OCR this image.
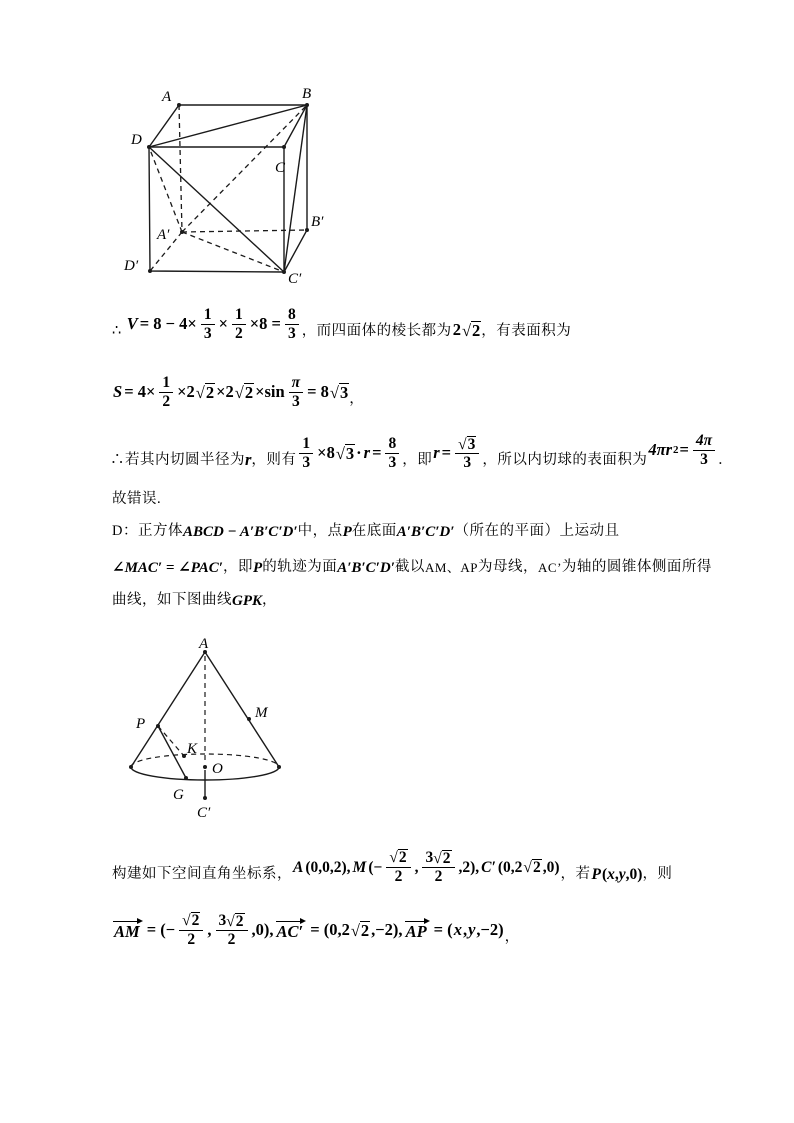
A	B
C
D
A′
B′
C′
D′
∴ $V = 8 - 4\times \frac{1}{3} \times \frac{1}{2} \times 8 = \frac{8}{3}$ ，而四面体的棱长都为 2 √ 2 ，有表面积为
$S = 4\times \frac{1}{2} \times 2$ √ 2 ×2 √ $2 \times\sin \frac{\pi}{3} = 8$ √ 3 ，
∴若其内切圆半径为 r ，则有 $\frac{1}{3} \times 8$ √ $3 \cdot r = \frac{8}{3}$ ，即 $r = \frac{√ 3}{3}$ ，所以内切球的表面积为
4πr $2 = \frac{4\pi}{3}$ ．
故错误.
D：正方体 ABCD − A′B′C′D′ 中，点 P 在底面 A′B′C′D′ （所在的平面）上运动且
∠MAC′ = ∠PAC′ ，即 P 的轨迹为面 A′B′C′D′ 截以 AM、AP 为母线， AC’ 为轴的圆锥体侧面所得
曲线，如下图曲线 GPK ，
A
M
P
K
O
G
C′
构建如下空间直角坐标系， A (0,0,2), M (− $\frac{√ 2}{2}$ , $\frac{3 √ 2}{2} ,2$), C′ (0,2 √ 2 ,0) ，若 P ( x , y ,0) ，则
AM = (− $\frac{√ 2}{2}$ , $\frac{3 √ 2}{2} ,0$), AC′ = (0,2 √ 2 ,−2), AP = ( x , y ,−2) ，
